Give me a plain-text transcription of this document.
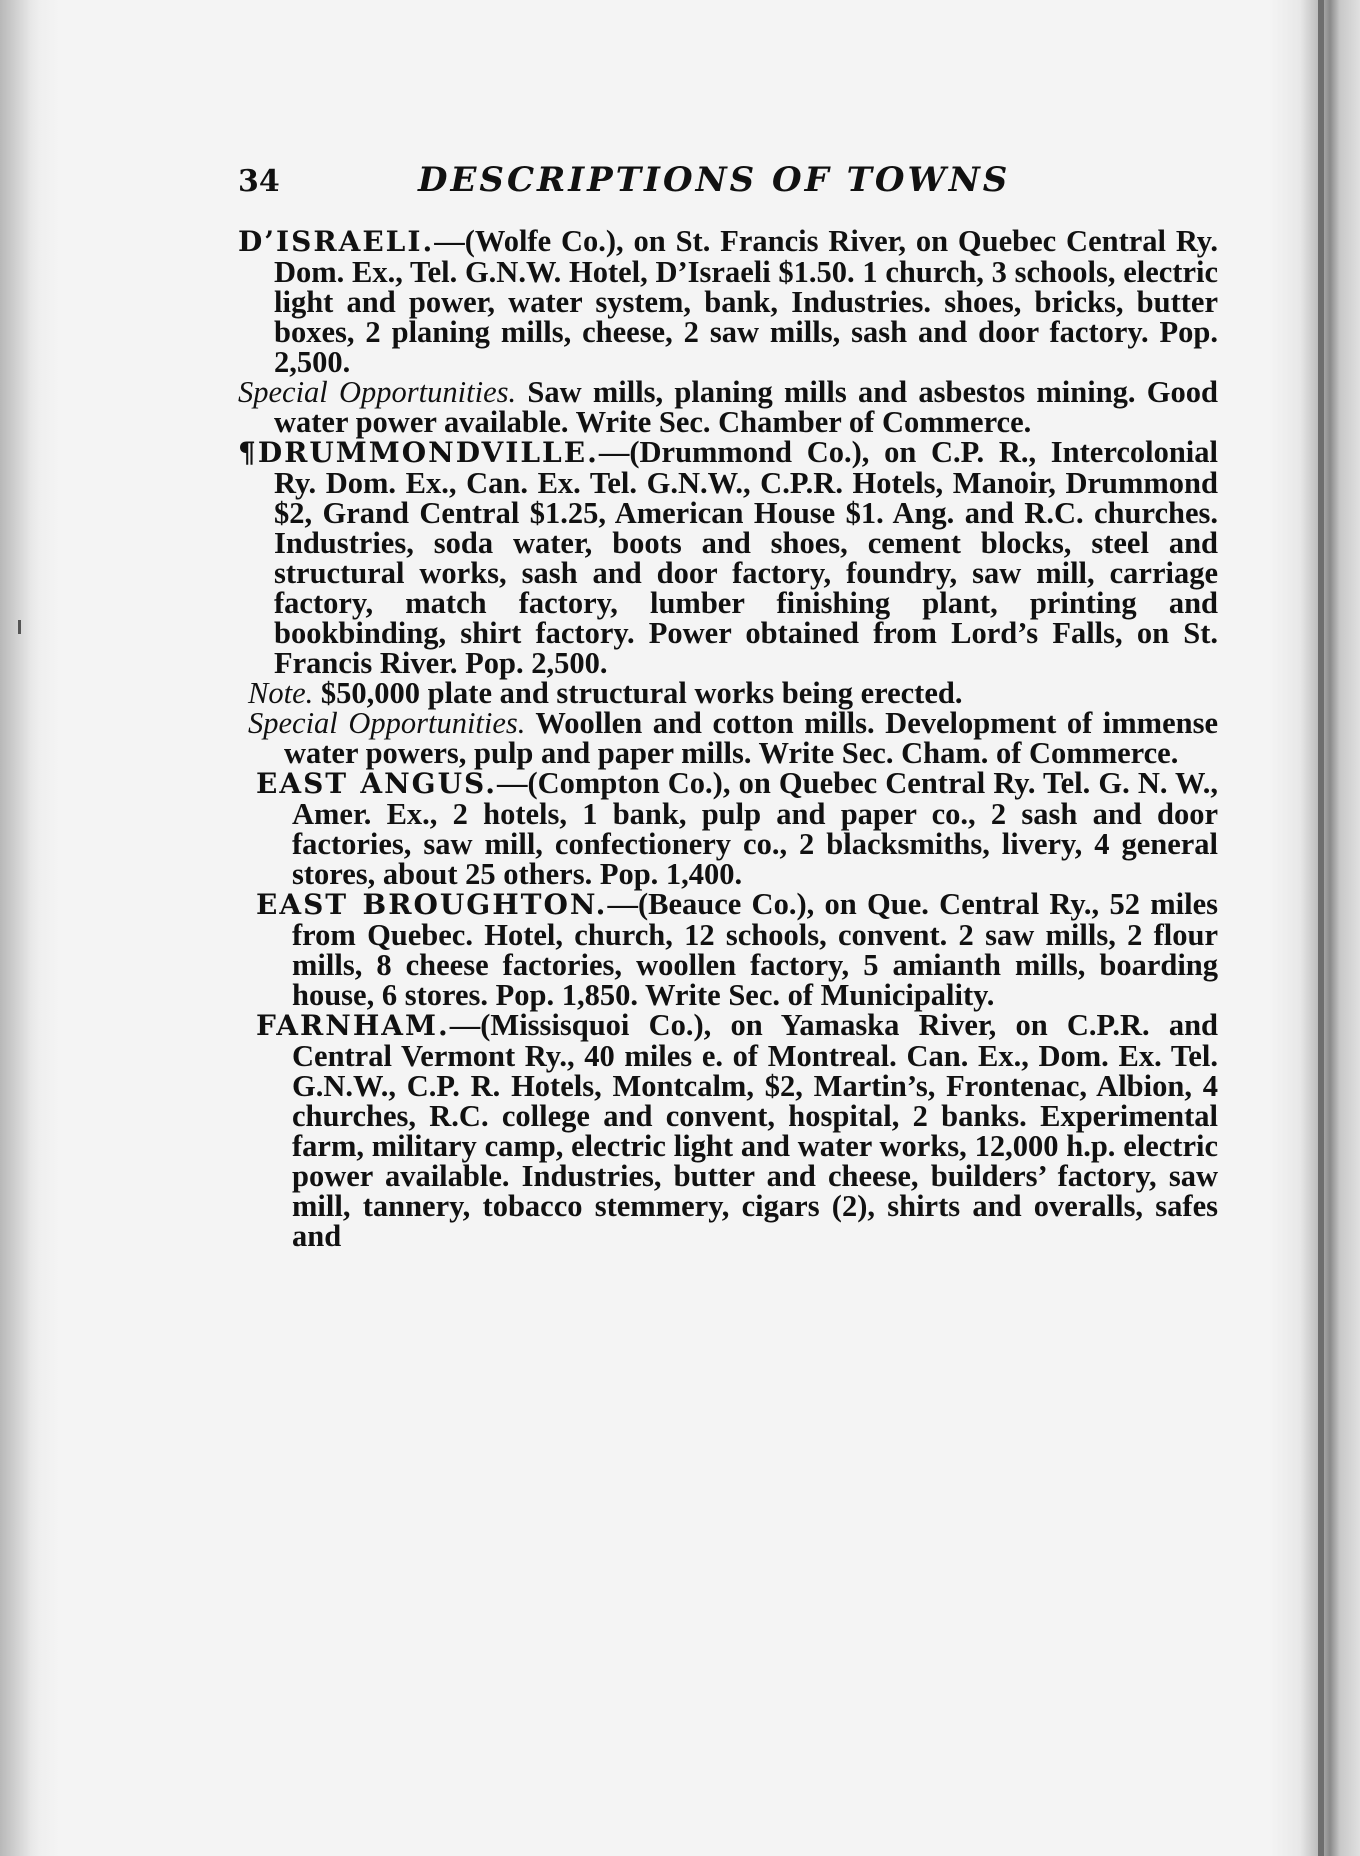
34	DESCRIPTIONS OF TOWNS

D’ISRAELI.—(Wolfe Co.), on St. Francis River, on Quebec Central Ry. Dom. Ex., Tel. G.N.W. Hotel, D’Israeli $1.50. 1 church, 3 schools, electric light and power, water system, bank, Industries. shoes, bricks, butter boxes, 2 planing mills, cheese, 2 saw mills, sash and door factory. Pop. 2,500.

Special Opportunities. Saw mills, planing mills and asbestos mining. Good water power available. Write Sec. Chamber of Commerce.

¶DRUMMONDVILLE.—(Drummond Co.), on C.P. R., Intercolonial Ry. Dom. Ex., Can. Ex. Tel. G.N.W., C.P.R. Hotels, Manoir, Drummond $2, Grand Central $1.25, American House $1. Ang. and R.C. churches. Industries, soda water, boots and shoes, cement blocks, steel and structural works, sash and door factory, foundry, saw mill, carriage factory, match factory, lumber finishing plant, printing and bookbinding, shirt factory. Power obtained from Lord’s Falls, on St. Francis River. Pop. 2,500.

Note. $50,000 plate and structural works being erected.

Special Opportunities. Woollen and cotton mills. Development of immense water powers, pulp and paper mills. Write Sec. Cham. of Commerce.

EAST ANGUS.—(Compton Co.), on Quebec Central Ry. Tel. G. N. W., Amer. Ex., 2 hotels, 1 bank, pulp and paper co., 2 sash and door factories, saw mill, confectionery co., 2 blacksmiths, livery, 4 general stores, about 25 others. Pop. 1,400.

EAST BROUGHTON.—(Beauce Co.), on Que. Central Ry., 52 miles from Quebec. Hotel, church, 12 schools, convent. 2 saw mills, 2 flour mills, 8 cheese factories, woollen factory, 5 amianth mills, boarding house, 6 stores. Pop. 1,850. Write Sec. of Municipality.

FARNHAM.—(Missisquoi Co.), on Yamaska River, on C.P.R. and Central Vermont Ry., 40 miles e. of Montreal. Can. Ex., Dom. Ex. Tel. G.N.W., C.P. R. Hotels, Montcalm, $2, Martin’s, Frontenac, Albion, 4 churches, R.C. college and convent, hospital, 2 banks. Experimental farm, military camp, electric light and water works, 12,000 h.p. electric power available. Industries, butter and cheese, builders’ factory, saw mill, tannery, tobacco stemmery, cigars (2), shirts and overalls, safes and
